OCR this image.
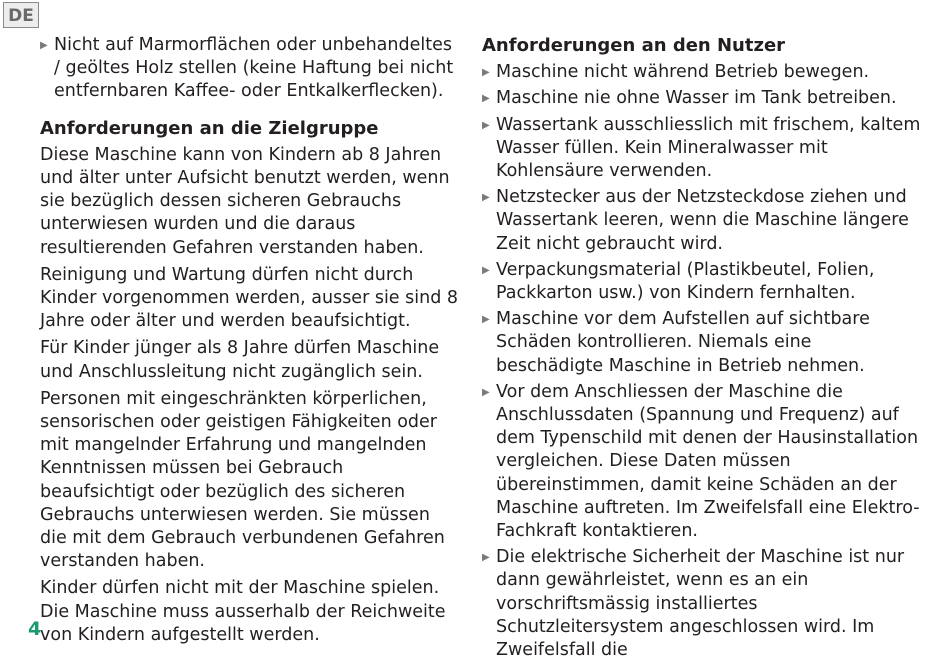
DE
▶ Nicht auf Marmorflächen oder unbehandeltes / geöltes Holz stellen (keine Haftung bei nicht entfernbaren Kaffee- oder Entkalkerflecken).
Anforderungen an die Zielgruppe

Diese Maschine kann von Kindern ab 8 Jahren und älter unter Aufsicht benutzt werden, wenn sie bezüglich dessen sicheren Gebrauchs unterwiesen wurden und die daraus resultierenden Gefahren verstanden haben.

Reinigung und Wartung dürfen nicht durch Kinder vorgenommen werden, ausser sie sind 8 Jahre oder älter und werden beaufsichtigt.

Für Kinder jünger als 8 Jahre dürfen Maschine und Anschlussleitung nicht zugänglich sein.

Personen mit eingeschränkten körperlichen, sensorischen oder geistigen Fähigkeiten oder mit mangelnder Erfahrung und mangelnden Kenntnissen müssen bei Gebrauch beaufsichtigt oder bezüglich des sicheren Gebrauchs unterwiesen werden. Sie müssen die mit dem Gebrauch verbundenen Gefahren verstanden haben.

Kinder dürfen nicht mit der Maschine spielen. Die Maschine muss ausserhalb der Reichweite von Kindern aufgestellt werden.

Anforderungen an den Nutzer
▶ Maschine nicht während Betrieb bewegen.
▶ Maschine nie ohne Wasser im Tank betreiben.
▶ Wassertank ausschliesslich mit frischem, kaltem Wasser füllen. Kein Mineralwasser mit Kohlensäure verwenden.
▶ Netzstecker aus der Netzsteckdose ziehen und Wassertank leeren, wenn die Maschine längere Zeit nicht gebraucht wird.
▶ Verpackungsmaterial (Plastikbeutel, Folien, Packkarton usw.) von Kindern fernhalten.
▶ Maschine vor dem Aufstellen auf sichtbare Schäden kontrollieren. Niemals eine beschädigte Maschine in Betrieb nehmen.
▶ Vor dem Anschliessen der Maschine die Anschlussdaten (Spannung und Frequenz) auf dem Typenschild mit denen der Hausinstallation vergleichen. Diese Daten müssen übereinstimmen, damit keine Schäden an der Maschine auftreten. Im Zweifelsfall eine Elektro-Fachkraft kontaktieren.
▶ Die elektrische Sicherheit der Maschine ist nur dann gewährleistet, wenn es an ein vorschriftsmässig installiertes Schutzleitersystem angeschlossen wird. Im Zweifelsfall die
4
